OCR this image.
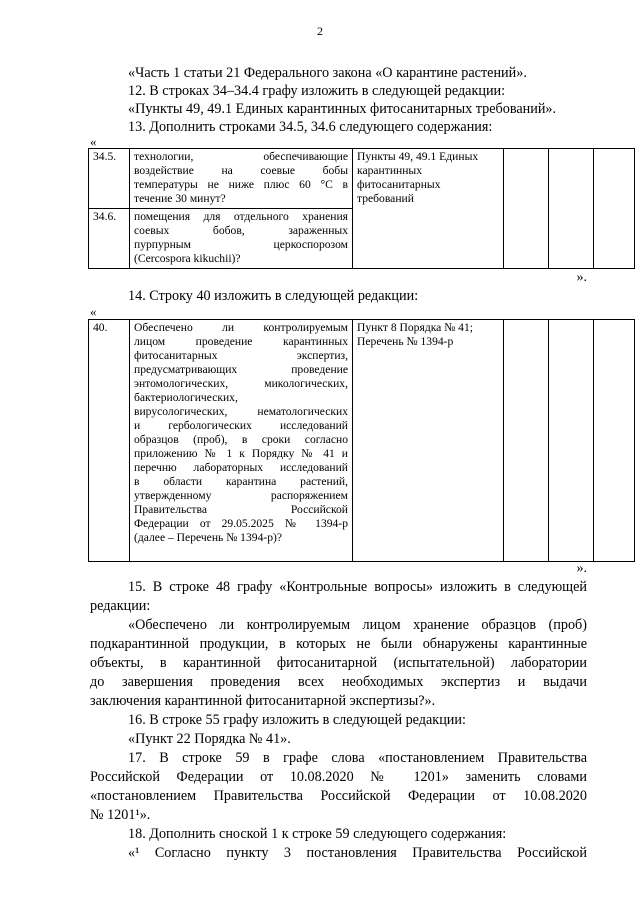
2
«Часть 1 статьи 21 Федерального закона «О карантине растений».
12. В строках 34–34.4 графу изложить в следующей редакции:
«Пункты 49, 49.1 Единых карантинных фитосанитарных требований».
13. Дополнить строками 34.5, 34.6 следующего содержания:
«
34.5.	технологии, обеспечивающие
воздействие на соевые бобы
температуры не ниже плюс 60 °С в
течение 30 минут?	Пункты 49, 49.1 Единых
карантинных
фитосанитарных
требований			

34.6.	помещения для отдельного хранения
соевых бобов, зараженных
пурпурным церкоспорозом
(Cercospora kikuchii)?				
».
14. Строку 40 изложить в следующей редакции:
«
40.	Обеспечено ли контролируемым
лицом проведение карантинных
фитосанитарных экспертиз,
предусматривающих проведение
энтомологических, микологических,
бактериологических,
вирусологических, нематологических
и гербологических исследований
образцов (проб), в сроки согласно
приложению № 1 к Порядку № 41 и
перечню лабораторных исследований
в области карантина растений,
утвержденному распоряжением
Правительства Российской
Федерации от 29.05.2025 № 1394-р
(далее – Перечень № 1394-р)?

Пункт 8 Порядка № 41;
Перечень № 1394-р

».
15. В строке 48 графу «Контрольные вопросы» изложить в следующей
редакции:
«Обеспечено ли контролируемым лицом хранение образцов (проб)
подкарантинной продукции, в которых не были обнаружены карантинные
объекты, в карантинной фитосанитарной (испытательной) лаборатории
до завершения проведения всех необходимых экспертиз и выдачи
заключения карантинной фитосанитарной экспертизы?».
16. В строке 55 графу изложить в следующей редакции:
«Пункт 22 Порядка № 41».
17. В строке 59 в графе слова «постановлением Правительства
Российской Федерации от 10.08.2020 № 1201» заменить словами
«постановлением Правительства Российской Федерации от 10.08.2020
№ 1201¹».
18. Дополнить сноской 1 к строке 59 следующего содержания:
«¹ Согласно пункту 3 постановления Правительства Российской
